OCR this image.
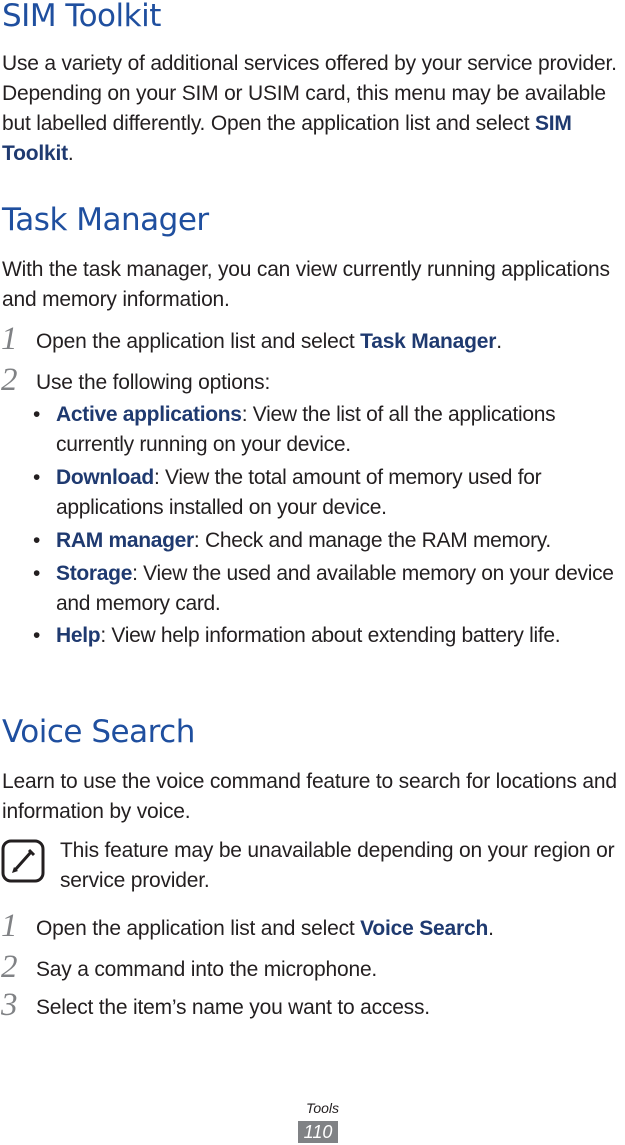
SIM Toolkit

Use a variety of additional services offered by your service provider. Depending on your SIM or USIM card, this menu may be available but labelled differently. Open the application list and select SIM Toolkit.

Task Manager

With the task manager, you can view currently running applications and memory information.

1 Open the application list and select Task Manager.
2 Use the following options:
• Active applications: View the list of all the applications currently running on your device.
• Download: View the total amount of memory used for applications installed on your device.
• RAM manager: Check and manage the RAM memory.
• Storage: View the used and available memory on your device and memory card.
• Help: View help information about extending battery life.
Voice Search

Learn to use the voice command feature to search for locations and information by voice.

This feature may be unavailable depending on your region or service provider.
1 Open the application list and select Voice Search.
2 Say a command into the microphone.
3 Select the item’s name you want to access.
Tools
110
